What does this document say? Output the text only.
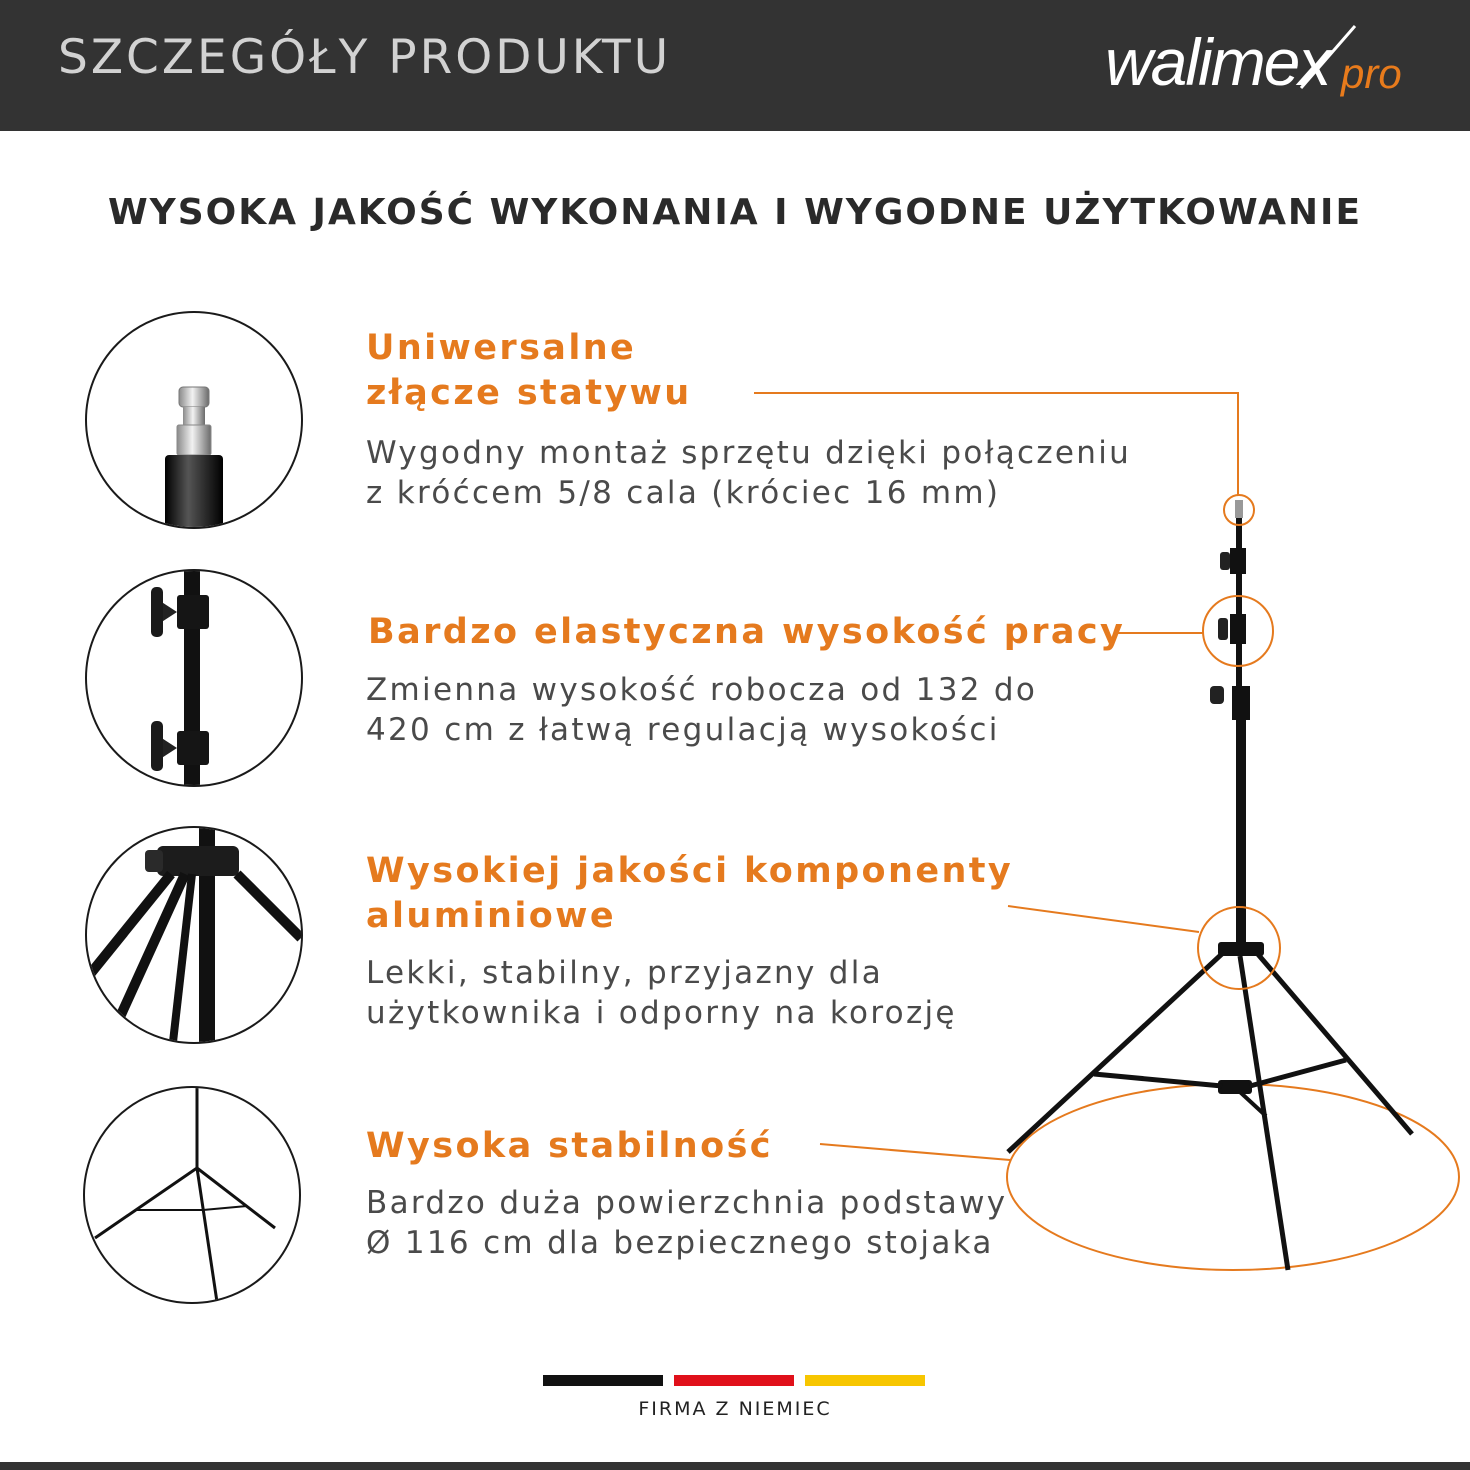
SZCZEGÓŁY PRODUKTU	walimex pro
WYSOKA JAKOŚĆ WYKONANIA I WYGODNE UŻYTKOWANIE
Uniwersalne
złącze statywu
Wygodny montaż sprzętu dzięki połączeniu
z króćcem 5/8 cala (króciec 16 mm)
Bardzo elastyczna wysokość pracy
Zmienna wysokość robocza od 132 do
420 cm z łatwą regulacją wysokości
Wysokiej jakości komponenty
aluminiowe
Lekki, stabilny, przyjazny dla
użytkownika i odporny na korozję
Wysoka stabilność
Bardzo duża powierzchnia podstawy
Ø 116 cm dla bezpiecznego stojaka
FIRMA Z NIEMIEC
